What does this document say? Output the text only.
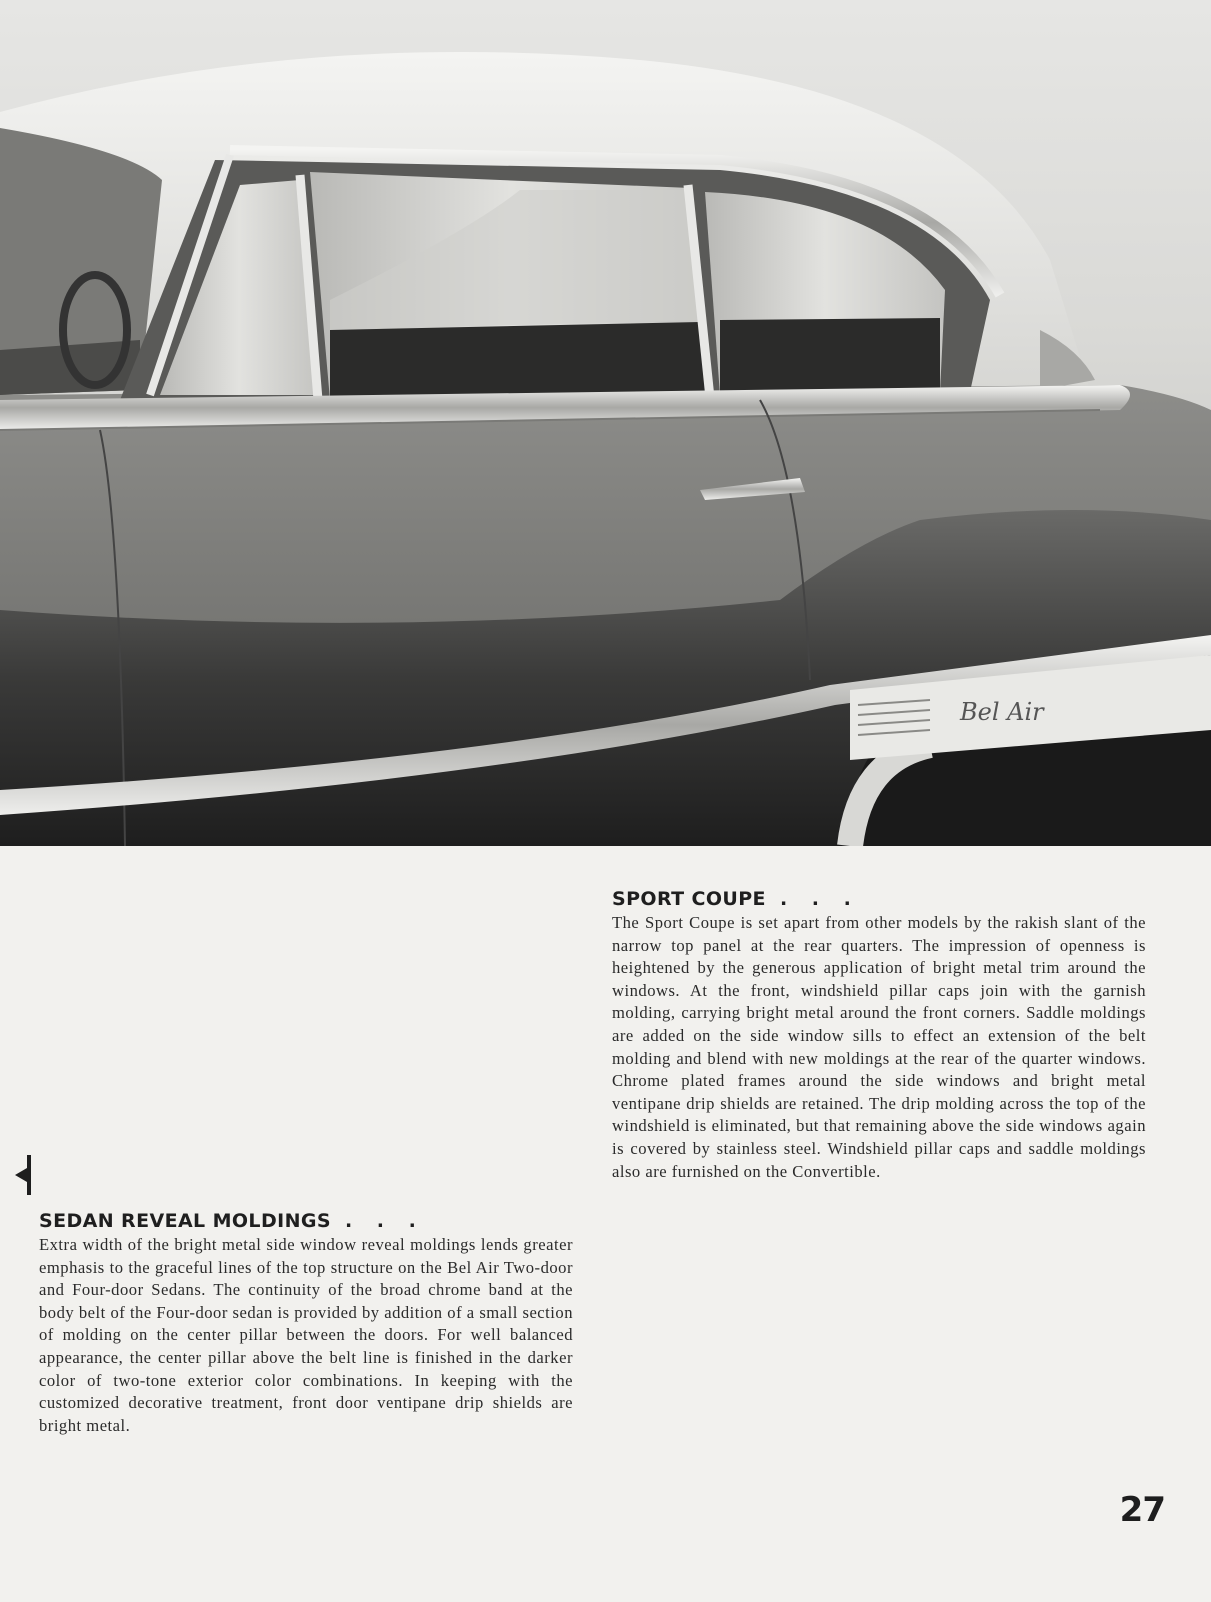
Bel Air
SPORT COUPE . . .

The Sport Coupe is set apart from other models by the rakish slant of the narrow top panel at the rear quarters. The impression of openness is heightened by the generous application of bright metal trim around the windows. At the front, windshield pillar caps join with the garnish molding, carrying bright metal around the front corners. Saddle moldings are added on the side window sills to effect an extension of the belt molding and blend with new moldings at the rear of the quarter windows. Chrome plated frames around the side windows and bright metal ventipane drip shields are retained. The drip molding across the top of the windshield is eliminated, but that remaining above the side windows again is covered by stainless steel. Windshield pillar caps and saddle moldings also are furnished on the Convertible.

SEDAN REVEAL MOLDINGS . . .

Extra width of the bright metal side window reveal moldings lends greater emphasis to the graceful lines of the top structure on the Bel Air Two-door and Four-door Sedans. The continuity of the broad chrome band at the body belt of the Four-door sedan is provided by addition of a small section of molding on the center pillar between the doors. For well balanced appearance, the center pillar above the belt line is finished in the darker color of two-tone exterior color combinations. In keeping with the customized decorative treatment, front door ventipane drip shields are bright metal.

27
